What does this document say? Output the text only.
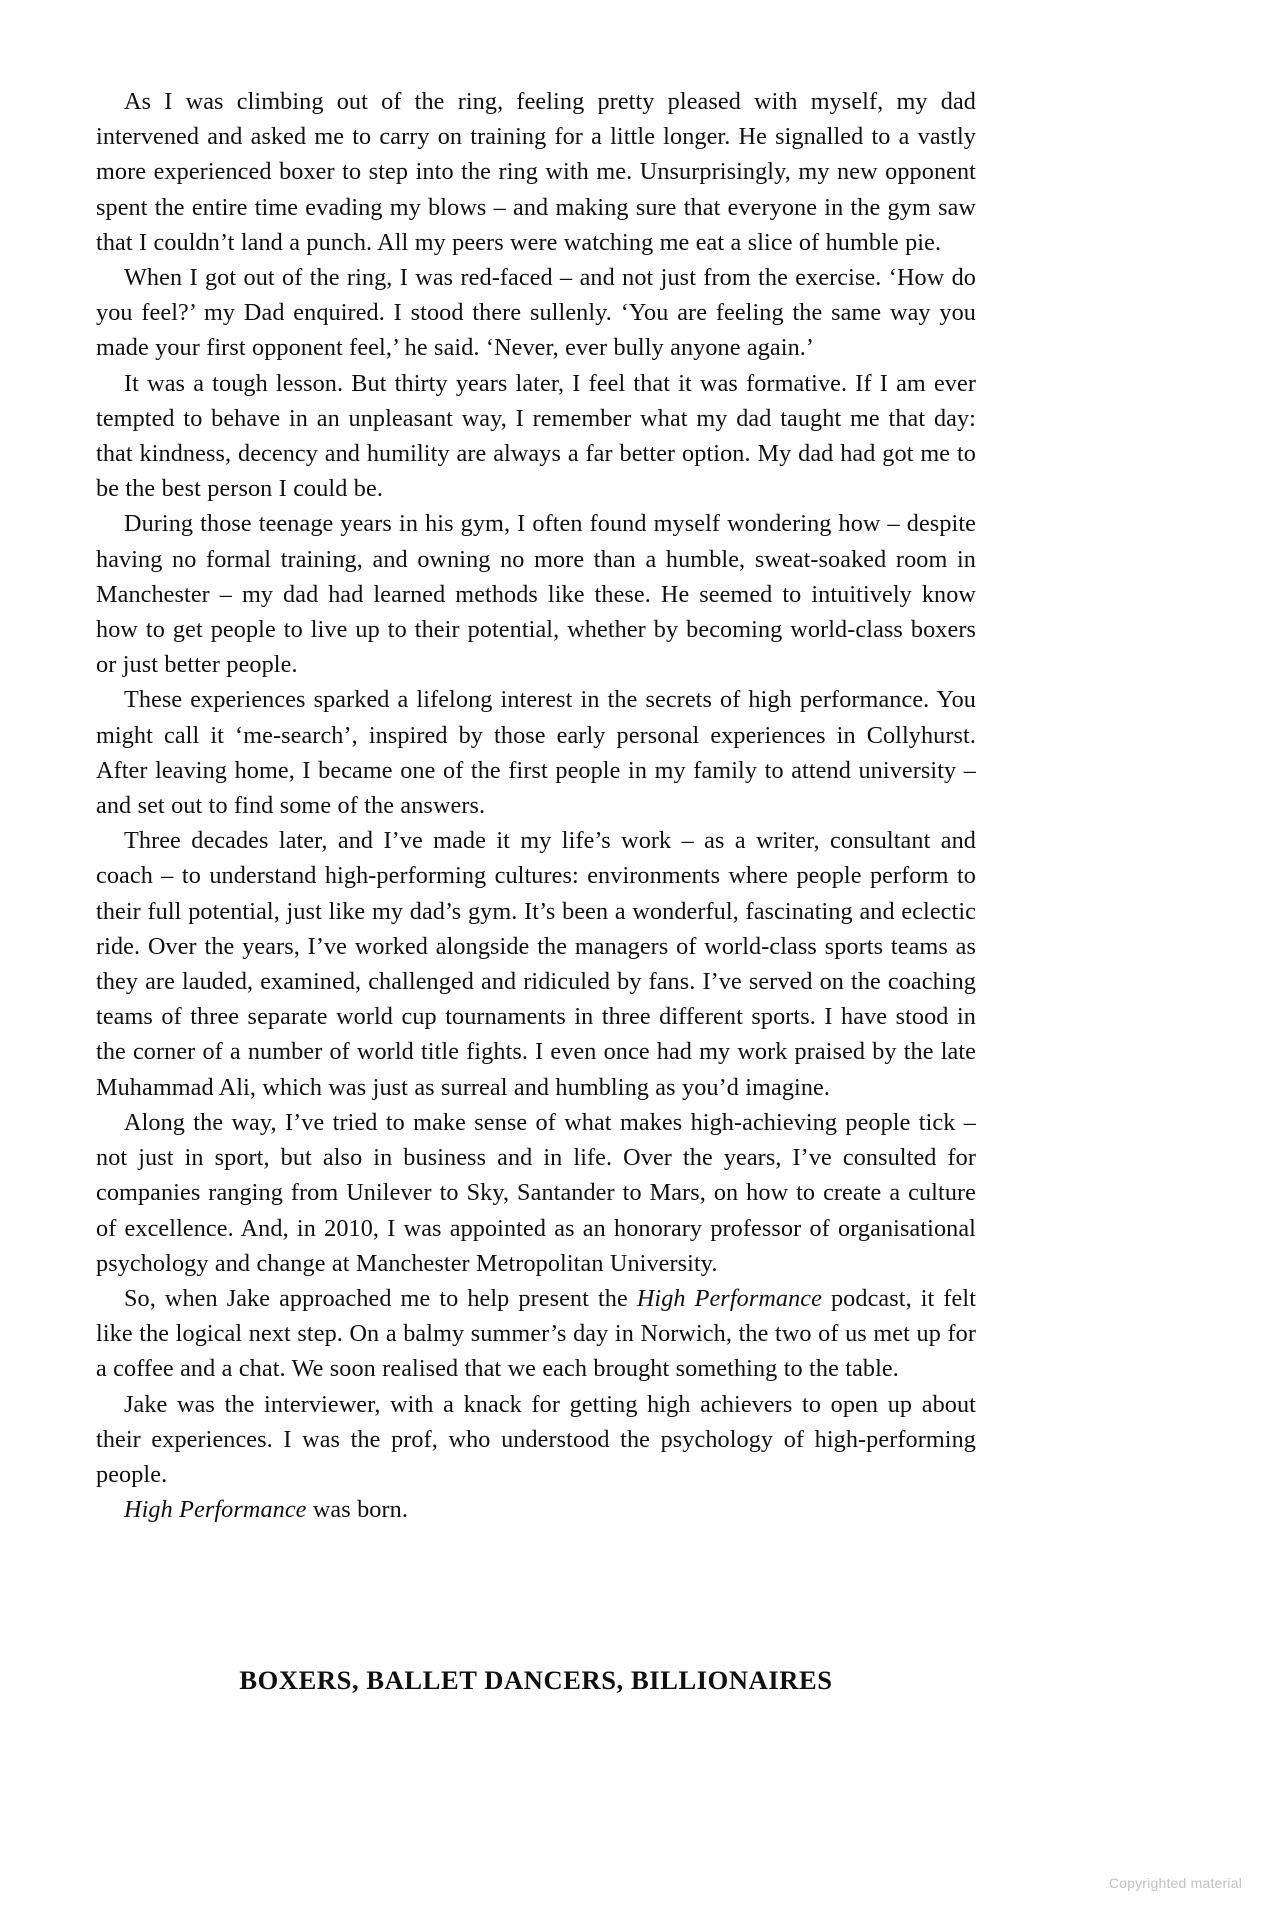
As I was climbing out of the ring, feeling pretty pleased with myself, my dad intervened and asked me to carry on training for a little longer. He signalled to a vastly more experienced boxer to step into the ring with me. Unsurprisingly, my new opponent spent the entire time evading my blows – and making sure that everyone in the gym saw that I couldn’t land a punch. All my peers were watching me eat a slice of humble pie.

When I got out of the ring, I was red-faced – and not just from the exercise. ‘How do you feel?’ my Dad enquired. I stood there sullenly. ‘You are feeling the same way you made your first opponent feel,’ he said. ‘Never, ever bully anyone again.’

It was a tough lesson. But thirty years later, I feel that it was formative. If I am ever tempted to behave in an unpleasant way, I remember what my dad taught me that day: that kindness, decency and humility are always a far better option. My dad had got me to be the best person I could be.

During those teenage years in his gym, I often found myself wondering how – despite having no formal training, and owning no more than a humble, sweat-soaked room in Manchester – my dad had learned methods like these. He seemed to intuitively know how to get people to live up to their potential, whether by becoming world-class boxers or just better people.

These experiences sparked a lifelong interest in the secrets of high performance. You might call it ‘me-search’, inspired by those early personal experiences in Collyhurst. After leaving home, I became one of the first people in my family to attend university – and set out to find some of the answers.

Three decades later, and I’ve made it my life’s work – as a writer, consultant and coach – to understand high-performing cultures: environments where people perform to their full potential, just like my dad’s gym. It’s been a wonderful, fascinating and eclectic ride. Over the years, I’ve worked alongside the managers of world-class sports teams as they are lauded, examined, challenged and ridiculed by fans. I’ve served on the coaching teams of three separate world cup tournaments in three different sports. I have stood in the corner of a number of world title fights. I even once had my work praised by the late Muhammad Ali, which was just as surreal and humbling as you’d imagine.

Along the way, I’ve tried to make sense of what makes high-achieving people tick – not just in sport, but also in business and in life. Over the years, I’ve consulted for companies ranging from Unilever to Sky, Santander to Mars, on how to create a culture of excellence. And, in 2010, I was appointed as an honorary professor of organisational psychology and change at Manchester Metropolitan University.

So, when Jake approached me to help present the High Performance podcast, it felt like the logical next step. On a balmy summer’s day in Norwich, the two of us met up for a coffee and a chat. We soon realised that we each brought something to the table.

Jake was the interviewer, with a knack for getting high achievers to open up about their experiences. I was the prof, who understood the psychology of high-performing people.

High Performance was born.

BOXERS, BALLET DANCERS, BILLIONAIRES
Copyrighted material
